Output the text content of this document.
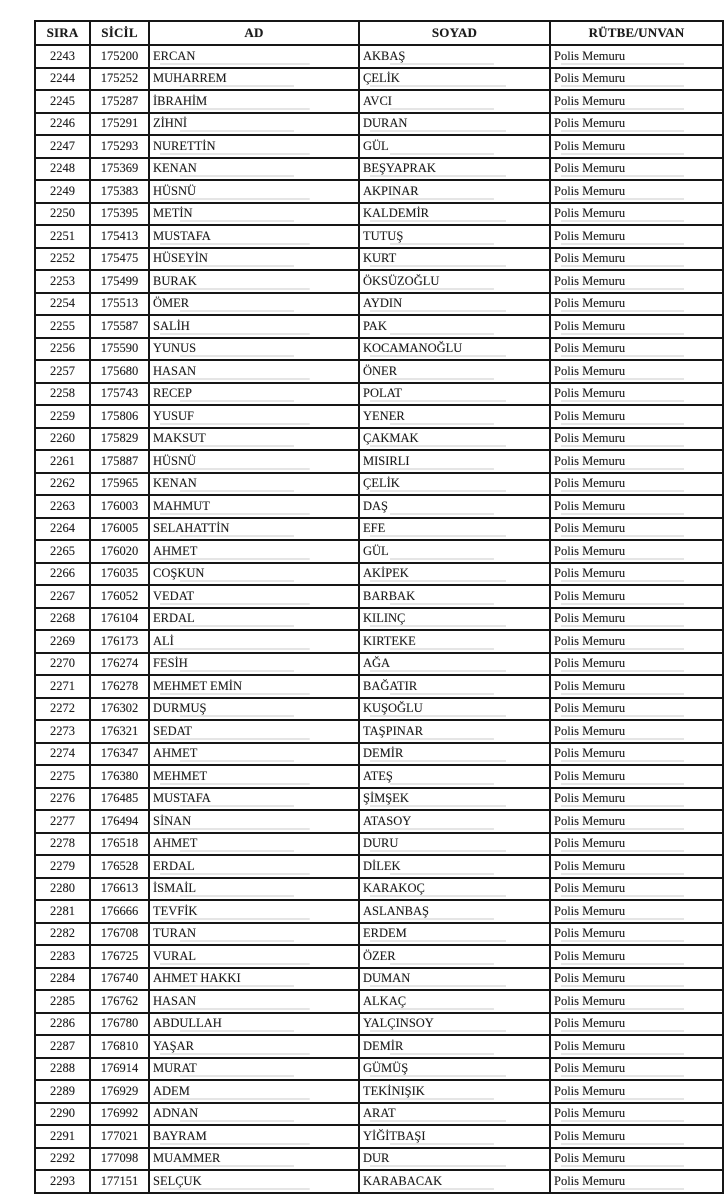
SIRA	SİCİL	AD	SOYAD	RÜTBE/UNVAN
2243	175200	ERCAN	AKBAŞ	Polis Memuru
2244	175252	MUHARREM	ÇELİK	Polis Memuru
2245	175287	İBRAHİM	AVCI	Polis Memuru
2246	175291	ZİHNİ	DURAN	Polis Memuru
2247	175293	NURETTİN	GÜL	Polis Memuru
2248	175369	KENAN	BEŞYAPRAK	Polis Memuru
2249	175383	HÜSNÜ	AKPINAR	Polis Memuru
2250	175395	METİN	KALDEMİR	Polis Memuru
2251	175413	MUSTAFA	TUTUŞ	Polis Memuru
2252	175475	HÜSEYİN	KURT	Polis Memuru
2253	175499	BURAK	ÖKSÜZOĞLU	Polis Memuru
2254	175513	ÖMER	AYDIN	Polis Memuru
2255	175587	SALİH	PAK	Polis Memuru
2256	175590	YUNUS	KOCAMANOĞLU	Polis Memuru
2257	175680	HASAN	ÖNER	Polis Memuru
2258	175743	RECEP	POLAT	Polis Memuru
2259	175806	YUSUF	YENER	Polis Memuru
2260	175829	MAKSUT	ÇAKMAK	Polis Memuru
2261	175887	HÜSNÜ	MISIRLI	Polis Memuru
2262	175965	KENAN	ÇELİK	Polis Memuru
2263	176003	MAHMUT	DAŞ	Polis Memuru
2264	176005	SELAHATTİN	EFE	Polis Memuru
2265	176020	AHMET	GÜL	Polis Memuru
2266	176035	COŞKUN	AKİPEK	Polis Memuru
2267	176052	VEDAT	BARBAK	Polis Memuru
2268	176104	ERDAL	KILINÇ	Polis Memuru
2269	176173	ALİ	KIRTEKE	Polis Memuru
2270	176274	FESİH	AĞA	Polis Memuru
2271	176278	MEHMET EMİN	BAĞATIR	Polis Memuru
2272	176302	DURMUŞ	KUŞOĞLU	Polis Memuru
2273	176321	SEDAT	TAŞPINAR	Polis Memuru
2274	176347	AHMET	DEMİR	Polis Memuru
2275	176380	MEHMET	ATEŞ	Polis Memuru
2276	176485	MUSTAFA	ŞİMŞEK	Polis Memuru
2277	176494	SİNAN	ATASOY	Polis Memuru
2278	176518	AHMET	DURU	Polis Memuru
2279	176528	ERDAL	DİLEK	Polis Memuru
2280	176613	İSMAİL	KARAKOÇ	Polis Memuru
2281	176666	TEVFİK	ASLANBAŞ	Polis Memuru
2282	176708	TURAN	ERDEM	Polis Memuru
2283	176725	VURAL	ÖZER	Polis Memuru
2284	176740	AHMET HAKKI	DUMAN	Polis Memuru
2285	176762	HASAN	ALKAÇ	Polis Memuru
2286	176780	ABDULLAH	YALÇINSOY	Polis Memuru
2287	176810	YAŞAR	DEMİR	Polis Memuru
2288	176914	MURAT	GÜMÜŞ	Polis Memuru
2289	176929	ADEM	TEKİNIŞIK	Polis Memuru
2290	176992	ADNAN	ARAT	Polis Memuru
2291	177021	BAYRAM	YİĞİTBAŞI	Polis Memuru
2292	177098	MUAMMER	DUR	Polis Memuru
2293	177151	SELÇUK	KARABACAK	Polis Memuru
